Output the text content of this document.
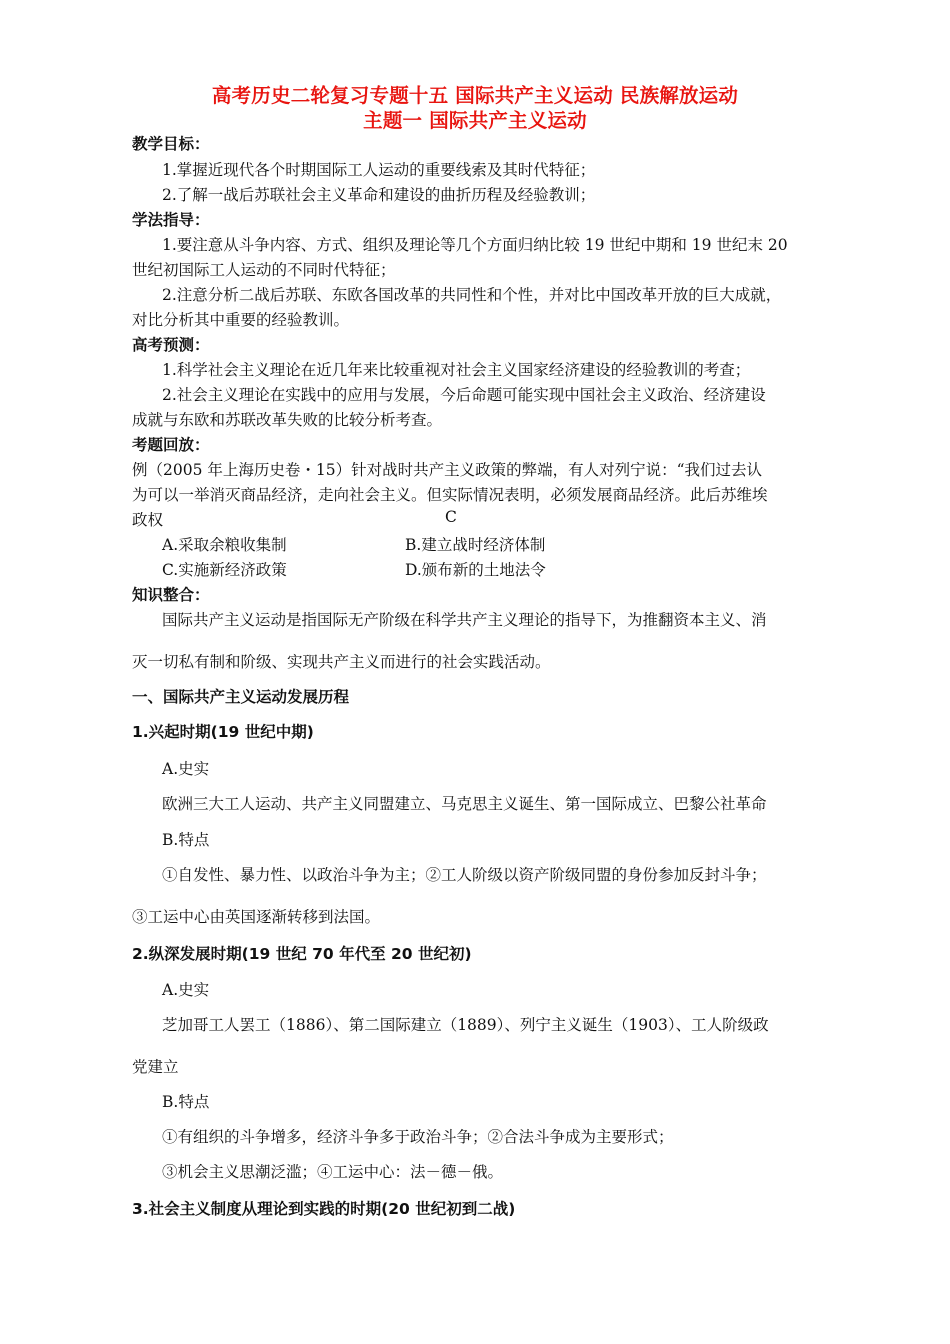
高考历史二轮复习专题十五 国际共产主义运动 民族解放运动
主题一 国际共产主义运动
教学目标：
1.掌握近现代各个时期国际工人运动的重要线索及其时代特征；
2.了解一战后苏联社会主义革命和建设的曲折历程及经验教训；
学法指导：
1.要注意从斗争内容、方式、组织及理论等几个方面归纳比较 19 世纪中期和 19 世纪末 20
世纪初国际工人运动的不同时代特征；
2.注意分析二战后苏联、东欧各国改革的共同性和个性，并对比中国改革开放的巨大成就，
对比分析其中重要的经验教训。
高考预测：
1.科学社会主义理论在近几年来比较重视对社会主义国家经济建设的经验教训的考查；
2.社会主义理论在实践中的应用与发展，今后命题可能实现中国社会主义政治、经济建设
成就与东欧和苏联改革失败的比较分析考查。
考题回放：
例（2005 年上海历史卷・15）针对战时共产主义政策的弊端，有人对列宁说：“我们过去认
为可以一举消灭商品经济，走向社会主义。但实际情况表明，必须发展商品经济。此后苏维埃
政权	C
A.采取余粮收集制	B.建立战时经济体制
C.实施新经济政策	D.颁布新的土地法令
知识整合：
国际共产主义运动是指国际无产阶级在科学共产主义理论的指导下，为推翻资本主义、消
灭一切私有制和阶级、实现共产主义而进行的社会实践活动。
一、国际共产主义运动发展历程
1.兴起时期(19 世纪中期)
A.史实
欧洲三大工人运动、共产主义同盟建立、马克思主义诞生、第一国际成立、巴黎公社革命
B.特点
①自发性、暴力性、以政治斗争为主；②工人阶级以资产阶级同盟的身份参加反封斗争；
③工运中心由英国逐渐转移到法国。
2.纵深发展时期(19 世纪 70 年代至 20 世纪初)
A.史实
芝加哥工人罢工（1886）、第二国际建立（1889）、列宁主义诞生（1903）、工人阶级政
党建立
B.特点
①有组织的斗争增多，经济斗争多于政治斗争；②合法斗争成为主要形式；
③机会主义思潮泛滥；④工运中心：法－德－俄。
3.社会主义制度从理论到实践的时期(20 世纪初到二战)
